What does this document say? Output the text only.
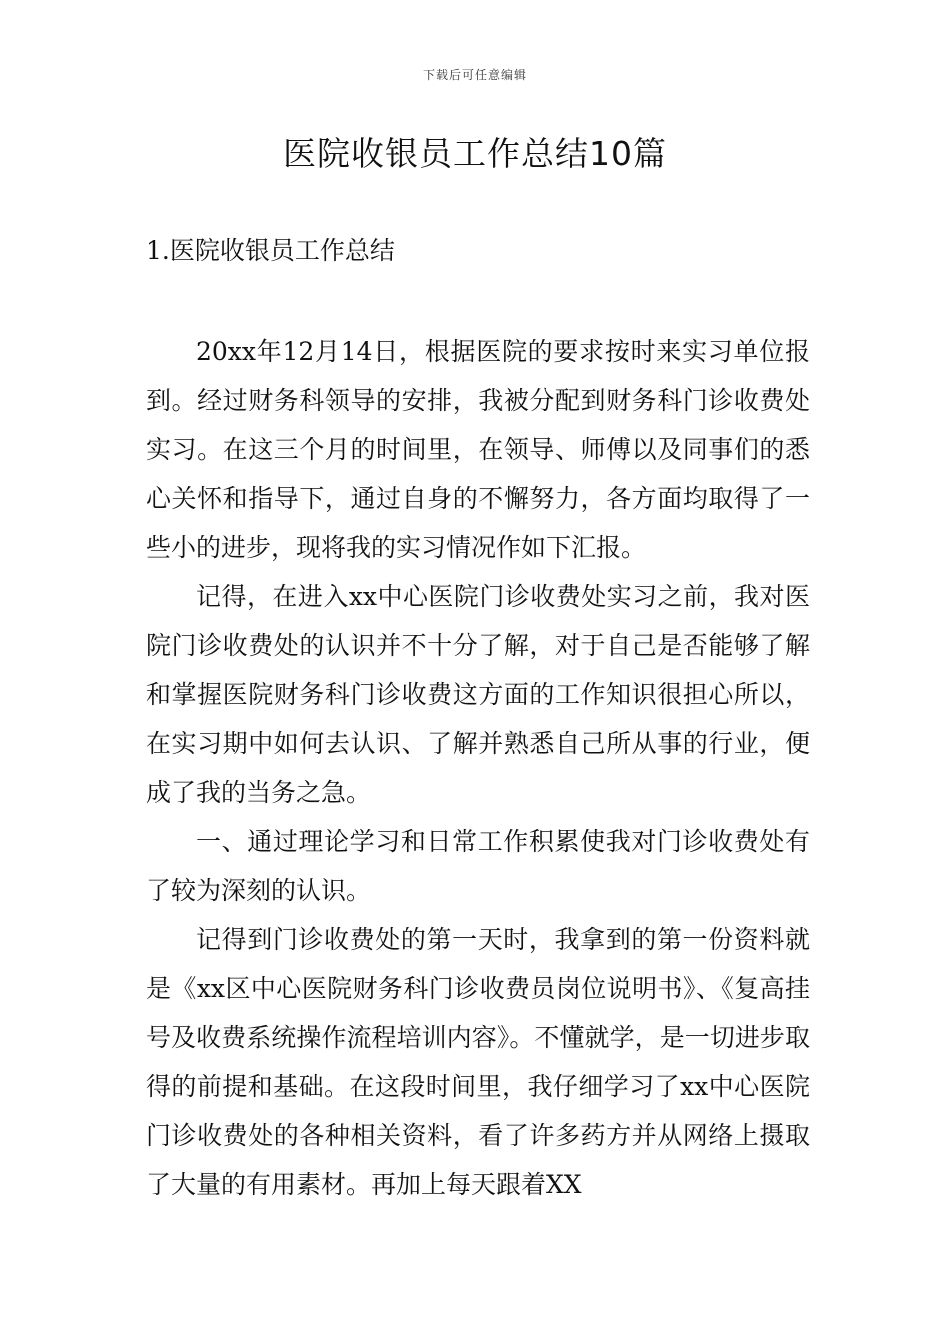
下载后可任意编辑
医院收银员工作总结10篇
1.医院收银员工作总结

20xx年12月14日，根据医院的要求按时来实习单位报到。经过财务科领导的安排，我被分配到财务科门诊收费处实习。在这三个月的时间里，在领导、师傅以及同事们的悉心关怀和指导下，通过自身的不懈努力，各方面均取得了一些小的进步，现将我的实习情况作如下汇报。

记得，在进入xx中心医院门诊收费处实习之前，我对医院门诊收费处的认识并不十分了解，对于自己是否能够了解和掌握医院财务科门诊收费这方面的工作知识很担心所以，在实习期中如何去认识、了解并熟悉自己所从事的行业，便成了我的当务之急。

一、通过理论学习和日常工作积累使我对门诊收费处有了较为深刻的认识。

记得到门诊收费处的第一天时，我拿到的第一份资料就是《xx区中心医院财务科门诊收费员岗位说明书》、《复高挂号及收费系统操作流程培训内容》。不懂就学，是一切进步取得的前提和基础。在这段时间里，我仔细学习了xx中心医院门诊收费处的各种相关资料，看了许多药方并从网络上摄取了大量的有用素材。再加上每天跟着XX
